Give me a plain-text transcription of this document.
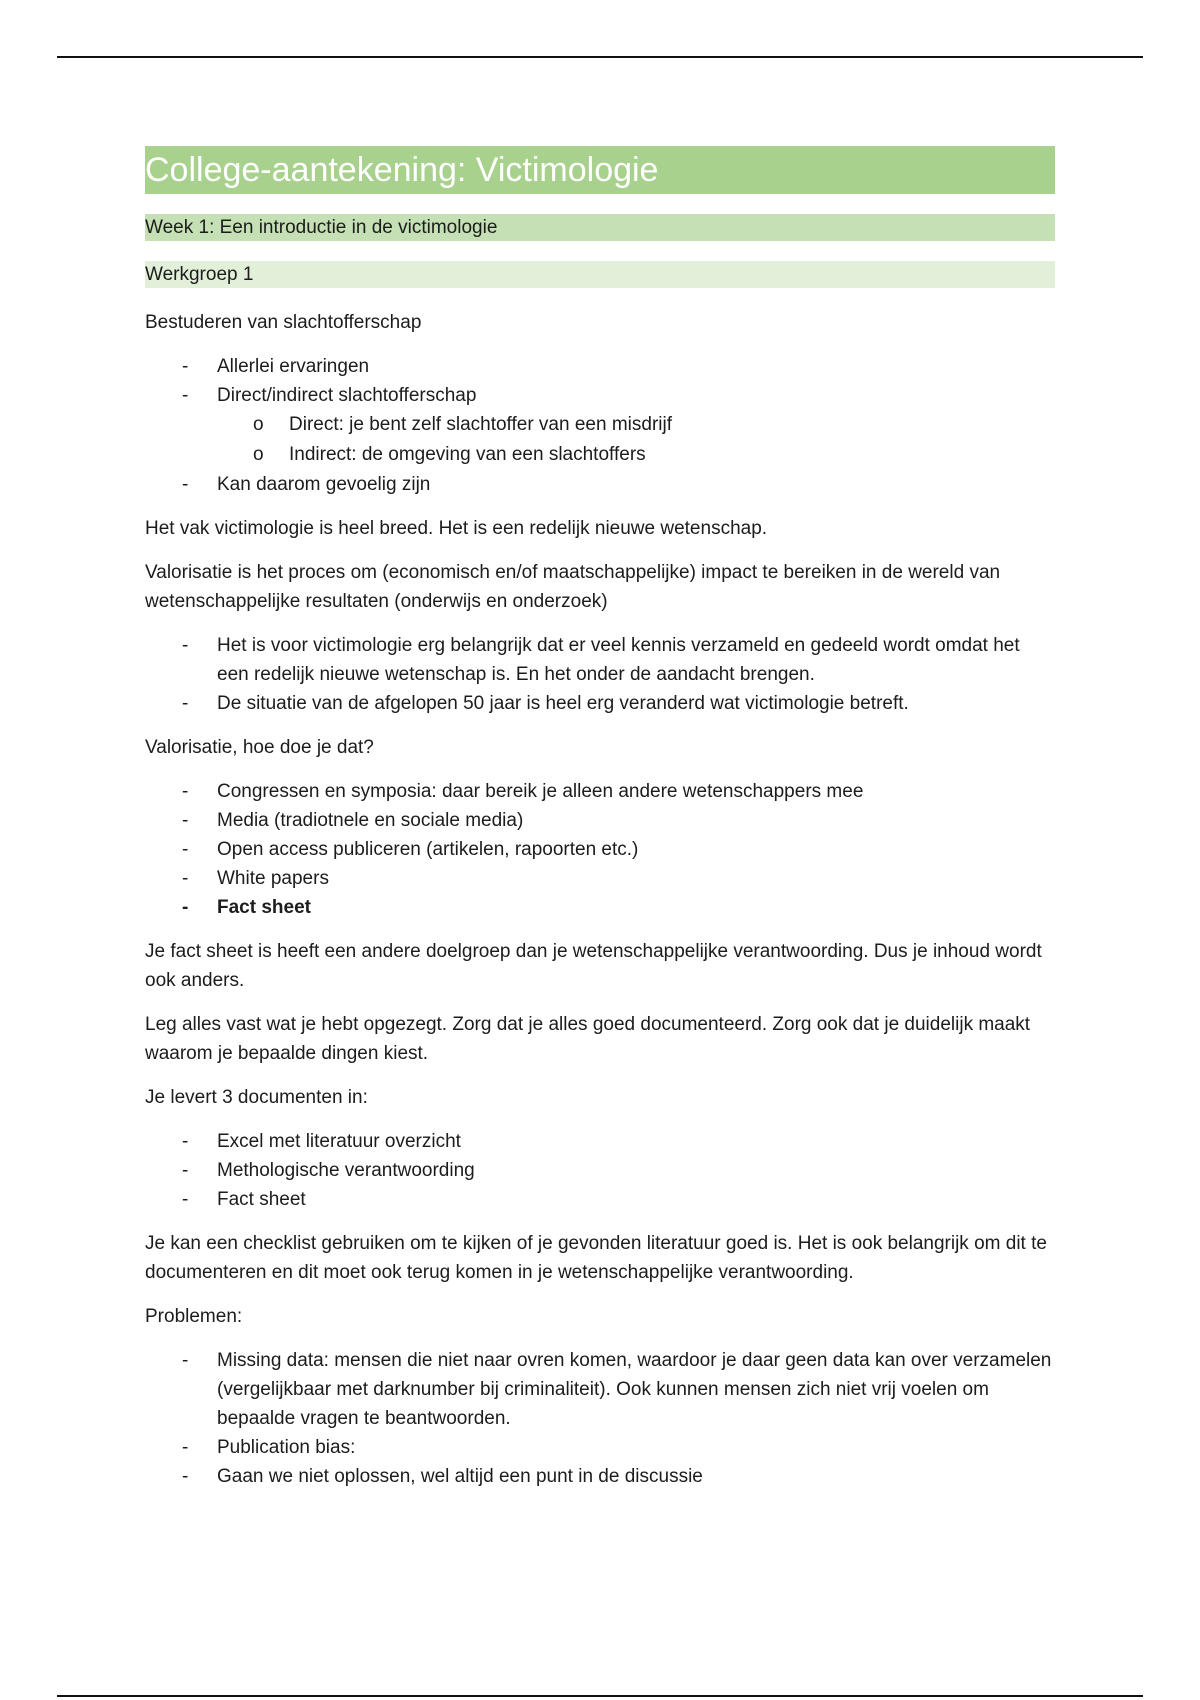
College-aantekening: Victimologie
Week 1: Een introductie in de victimologie
Werkgroep 1

Bestuderen van slachtofferschap

- Allerlei ervaringen
- Direct/indirect slachtofferschap
o Direct: je bent zelf slachtoffer van een misdrijf
o Indirect: de omgeving van een slachtoffers
- Kan daarom gevoelig zijn

Het vak victimologie is heel breed. Het is een redelijk nieuwe wetenschap.

Valorisatie is het proces om (economisch en/of maatschappelijke) impact te bereiken in de wereld van wetenschappelijke resultaten (onderwijs en onderzoek)

- Het is voor victimologie erg belangrijk dat er veel kennis verzameld en gedeeld wordt omdat het een redelijk nieuwe wetenschap is. En het onder de aandacht brengen.
- De situatie van de afgelopen 50 jaar is heel erg veranderd wat victimologie betreft.

Valorisatie, hoe doe je dat?

- Congressen en symposia: daar bereik je alleen andere wetenschappers mee
- Media (tradiotnele en sociale media)
- Open access publiceren (artikelen, rapoorten etc.)
- White papers
- Fact sheet

Je fact sheet is heeft een andere doelgroep dan je wetenschappelijke verantwoording. Dus je inhoud wordt ook anders.

Leg alles vast wat je hebt opgezegt. Zorg dat je alles goed documenteerd. Zorg ook dat je duidelijk maakt waarom je bepaalde dingen kiest.

Je levert 3 documenten in:

- Excel met literatuur overzicht
- Methologische verantwoording
- Fact sheet

Je kan een checklist gebruiken om te kijken of je gevonden literatuur goed is. Het is ook belangrijk om dit te documenteren en dit moet ook terug komen in je wetenschappelijke verantwoording.

Problemen:

- Missing data: mensen die niet naar ovren komen, waardoor je daar geen data kan over verzamelen (vergelijkbaar met darknumber bij criminaliteit). Ook kunnen mensen zich niet vrij voelen om bepaalde vragen te beantwoorden.
- Publication bias:
- Gaan we niet oplossen, wel altijd een punt in de discussie
